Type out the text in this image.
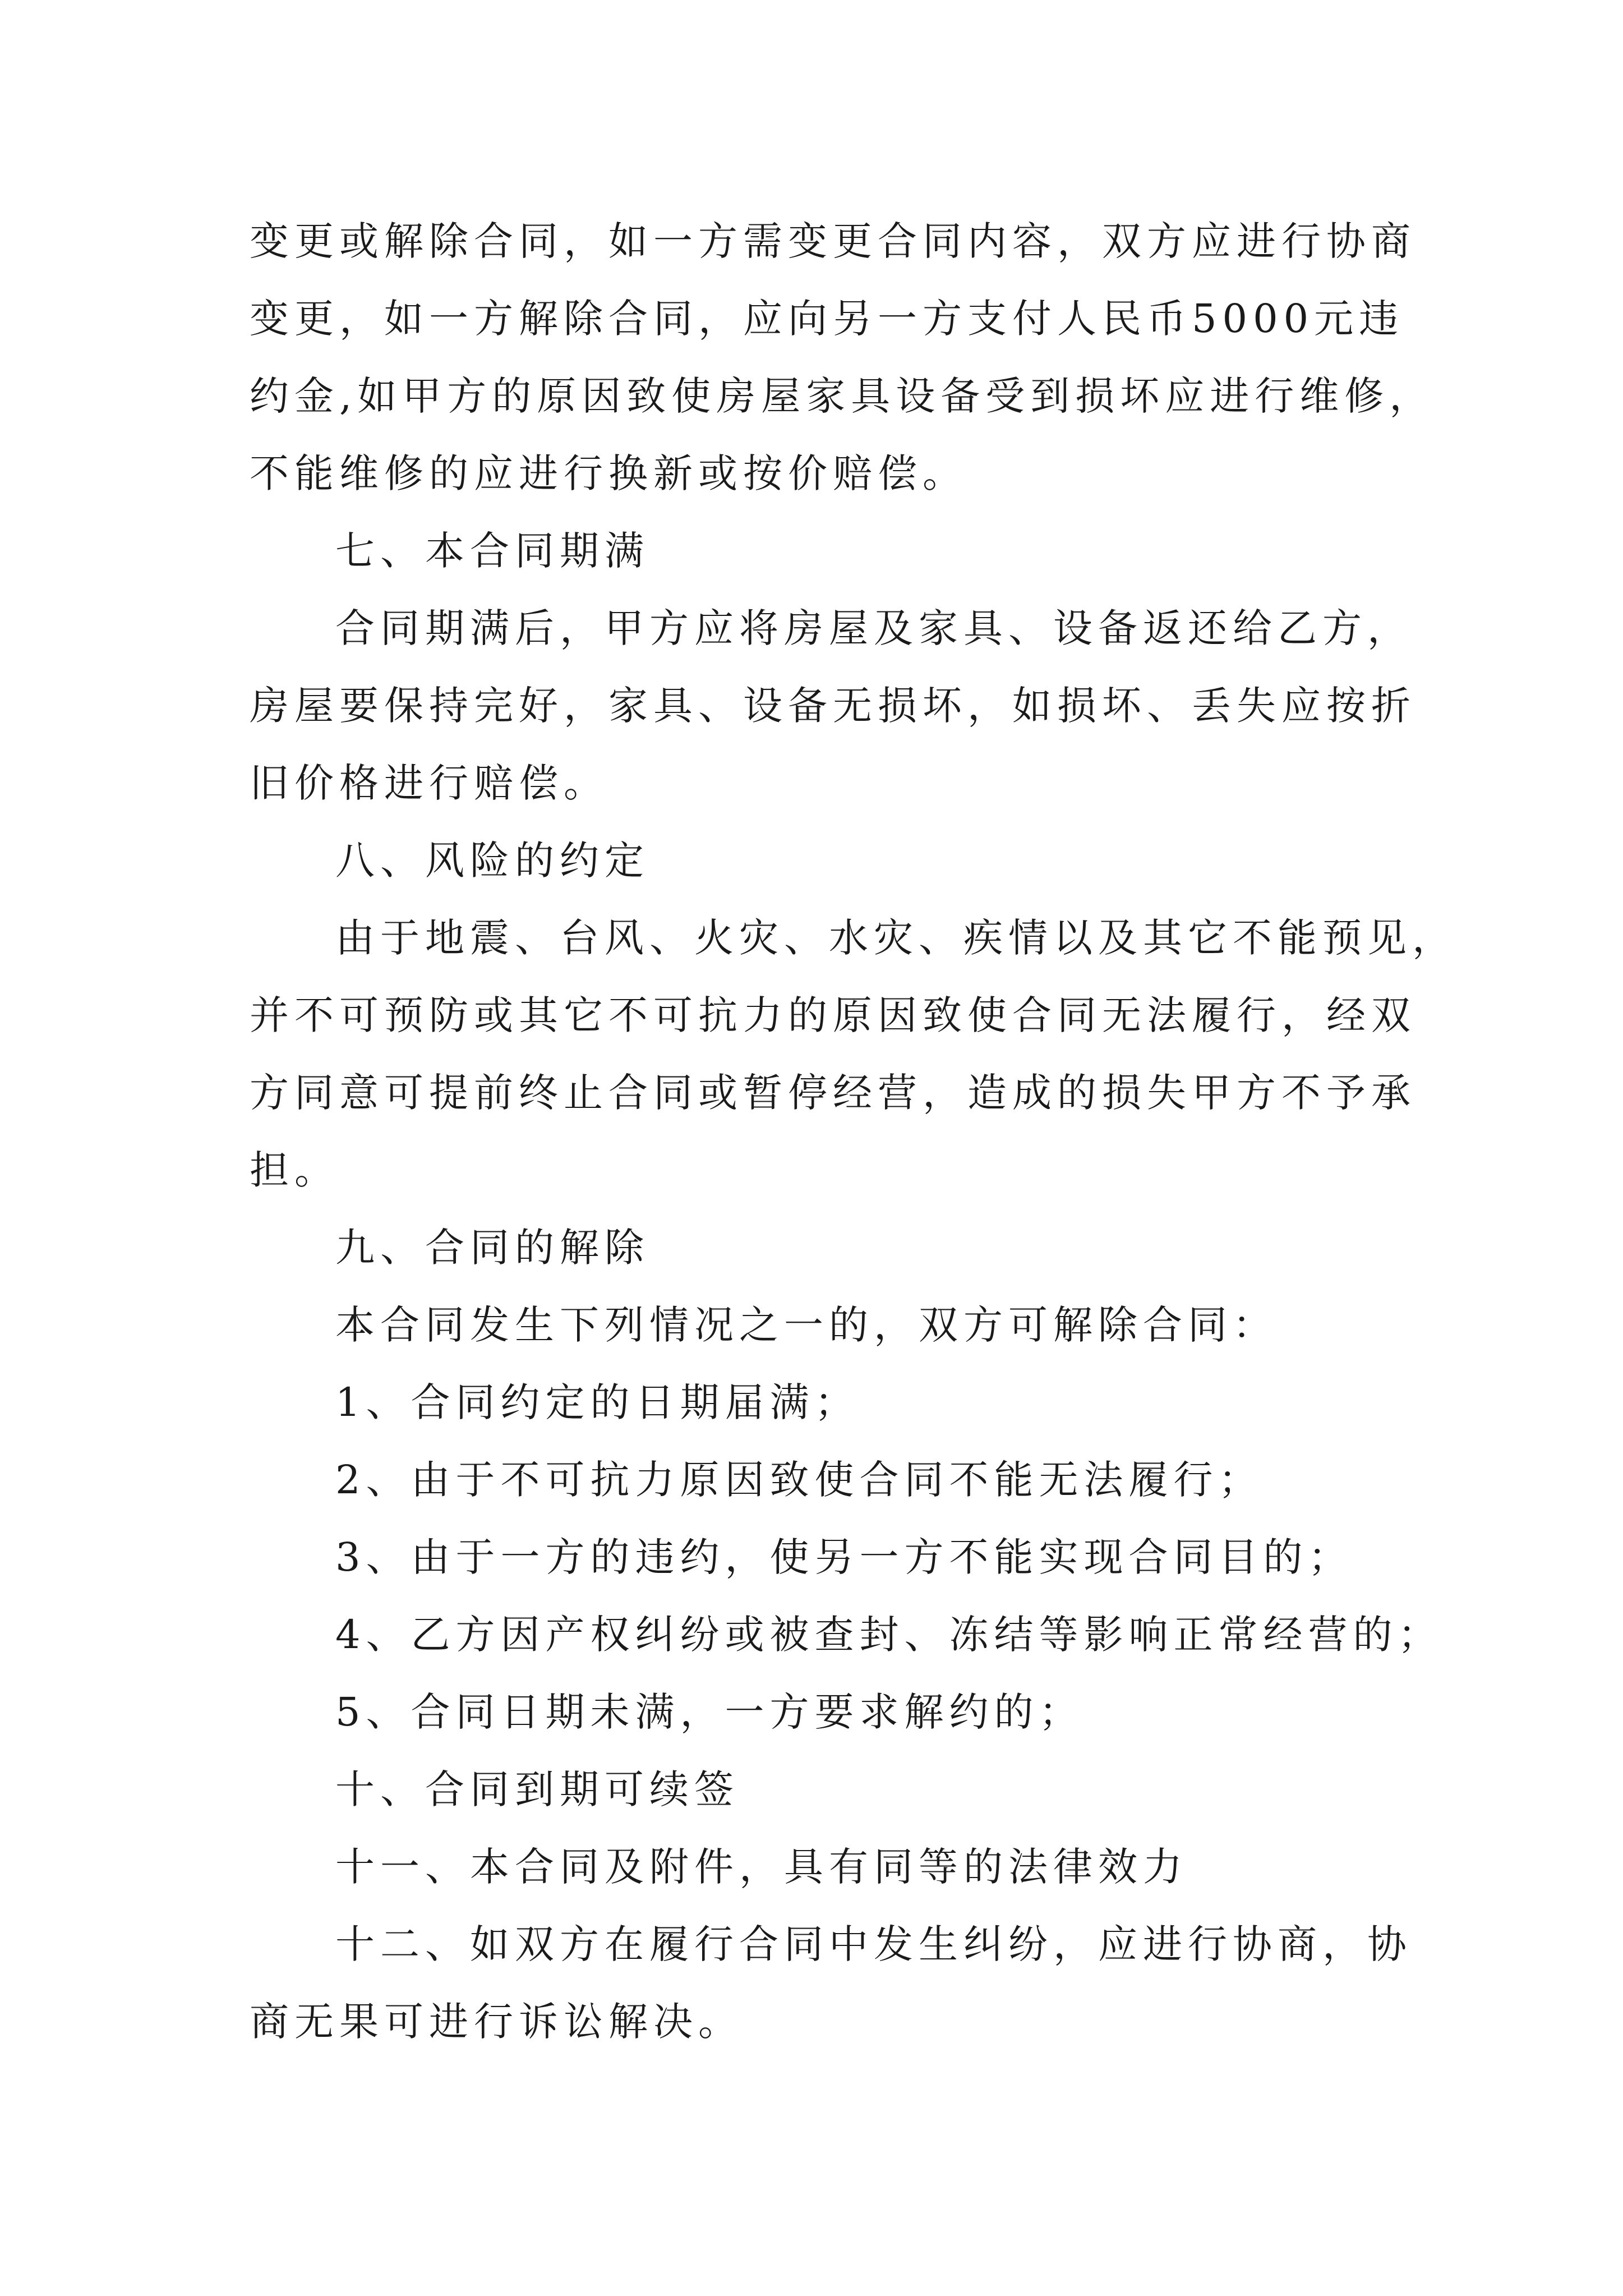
变更或解除合同，如一方需变更合同内容，双方应进行协商
变更，如一方解除合同，应向另一方支付人民币5000元违
约金,如甲方的原因致使房屋家具设备受到损坏应进行维修，
不能维修的应进行换新或按价赔偿。
七、本合同期满
合同期满后，甲方应将房屋及家具、设备返还给乙方，
房屋要保持完好，家具、设备无损坏，如损坏、丢失应按折
旧价格进行赔偿。
八、风险的约定
由于地震、台风、火灾、水灾、疾情以及其它不能预见，
并不可预防或其它不可抗力的原因致使合同无法履行，经双
方同意可提前终止合同或暂停经营，造成的损失甲方不予承
担。
九、合同的解除
本合同发生下列情况之一的，双方可解除合同：
1、合同约定的日期届满；
2、由于不可抗力原因致使合同不能无法履行；
3、由于一方的违约，使另一方不能实现合同目的；
4、乙方因产权纠纷或被查封、冻结等影响正常经营的；
5、合同日期未满，一方要求解约的；
十、合同到期可续签
十一、本合同及附件，具有同等的法律效力
十二、如双方在履行合同中发生纠纷，应进行协商，协
商无果可进行诉讼解决。
